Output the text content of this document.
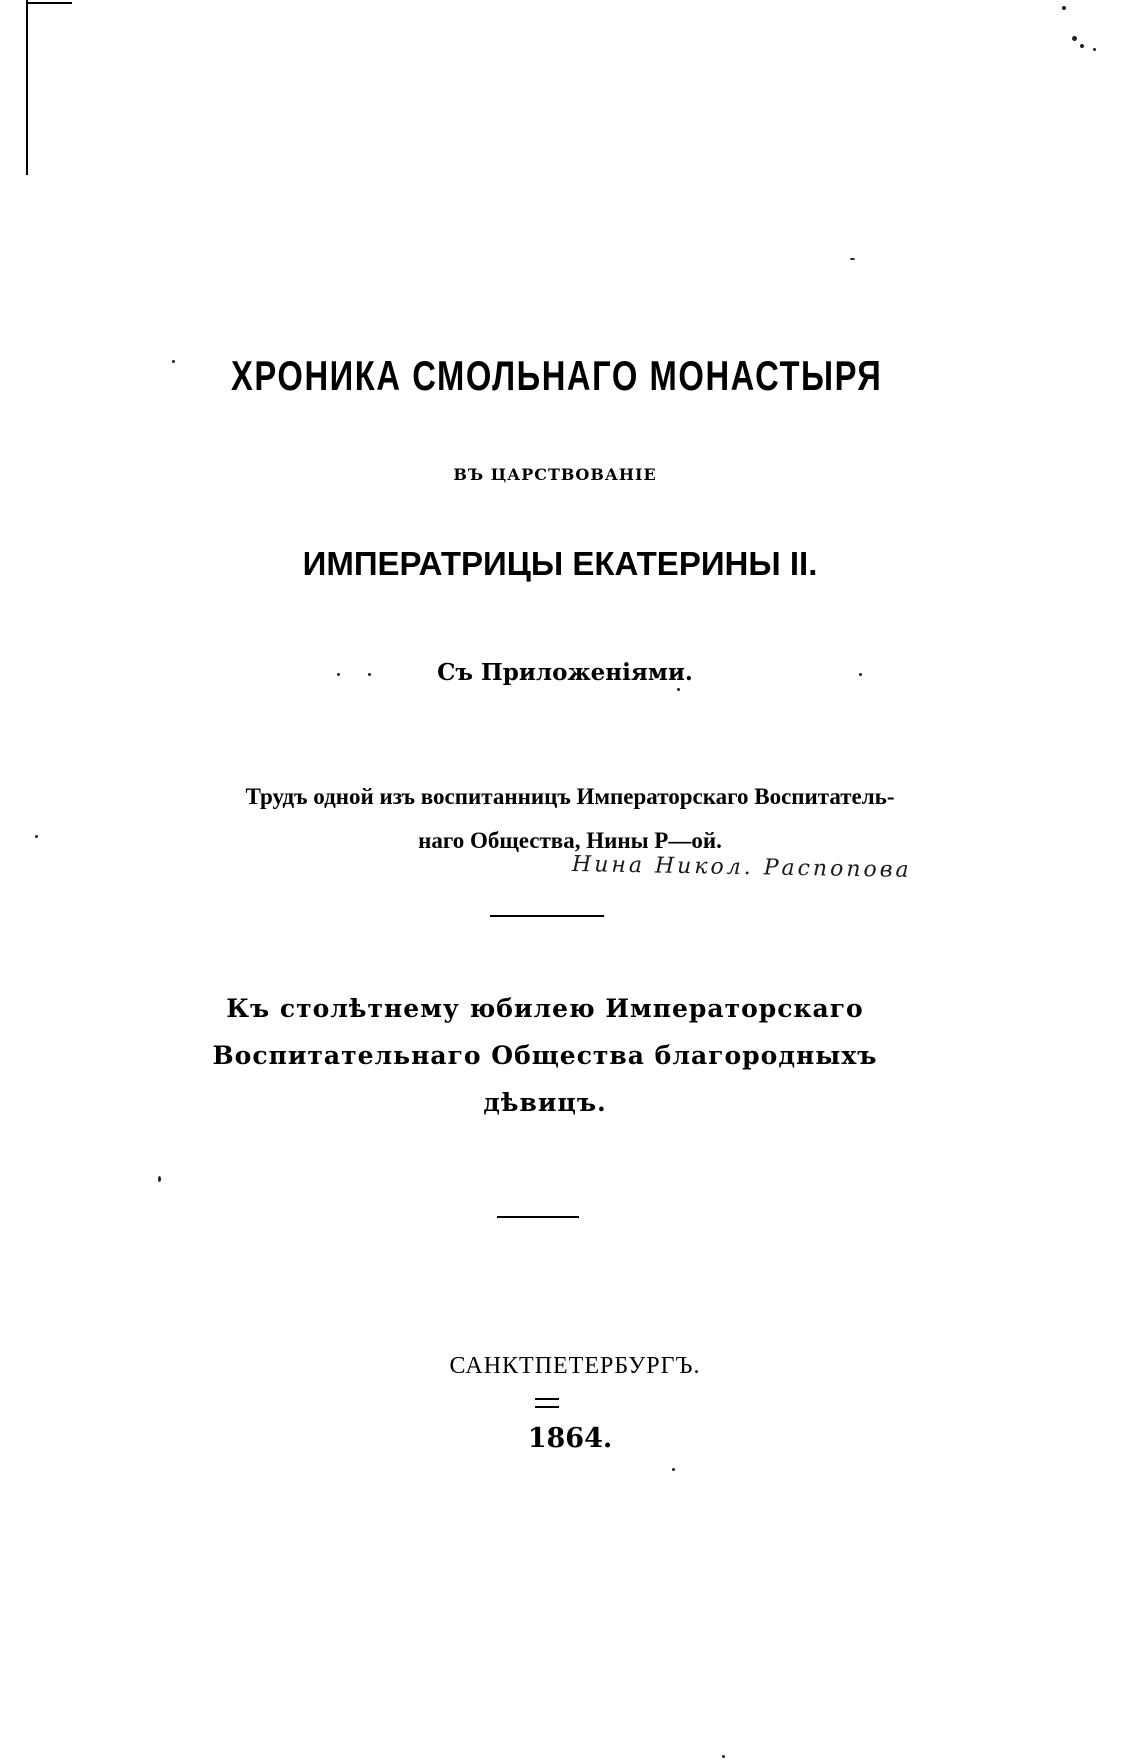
ХРОНИКА СМОЛЬНАГО МОНАСТЫРЯ
ВЪ ЦАРСТВОВАНІЕ
ИМПЕРАТРИЦЫ ЕКАТЕРИНЫ II.
Съ Приложеніями.
Трудъ одной изъ воспитанницъ Императорскаго Воспитатель-
наго Общества, Нины Р—ой.
Нина Никол. Распопова
Къ столѣтнему юбилею Императорскаго
Воспитательнаго Общества благородныхъ
дѣвицъ.
САНКТПЕТЕРБУРГЪ.
1864.
